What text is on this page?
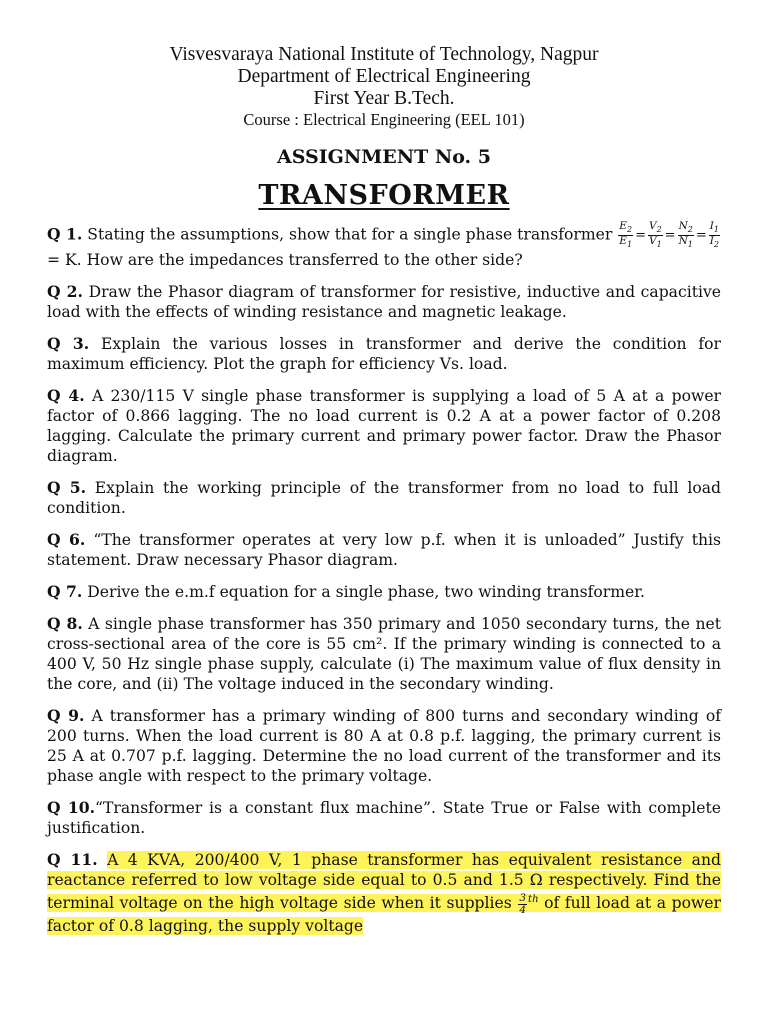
Visvesvaraya National Institute of Technology, Nagpur
Department of Electrical Engineering
First Year B.Tech.
Course : Electrical Engineering (EEL 101)
ASSIGNMENT No. 5
TRANSFORMER
Q 1. Stating the assumptions, show that for a single phase transformer $\frac{E_2}{E_1} = \frac{V_2}{V_1} = \frac{N_2}{N_1} = \frac{I_1}{I_2}$
= K. How are the impedances transferred to the other side?
Q 2. Draw the Phasor diagram of transformer for resistive, inductive and capacitive load with the effects of winding resistance and magnetic leakage.
Q 3. Explain the various losses in transformer and derive the condition for maximum efficiency. Plot the graph for efficiency Vs. load.
Q 4. A 230/115 V single phase transformer is supplying a load of 5 A at a power factor of 0.866 lagging. The no load current is 0.2 A at a power factor of 0.208 lagging. Calculate the primary current and primary power factor. Draw the Phasor diagram.
Q 5. Explain the working principle of the transformer from no load to full load condition.
Q 6. “The transformer operates at very low p.f. when it is unloaded” Justify this statement. Draw necessary Phasor diagram.
Q 7. Derive the e.m.f equation for a single phase, two winding transformer.
Q 8. A single phase transformer has 350 primary and 1050 secondary turns, the net cross-sectional area of the core is 55 cm². If the primary winding is connected to a 400 V, 50 Hz single phase supply, calculate (i) The maximum value of flux density in the core, and (ii) The voltage induced in the secondary winding.
Q 9. A transformer has a primary winding of 800 turns and secondary winding of 200 turns. When the load current is 80 A at 0.8 p.f. lagging, the primary current is 25 A at 0.707 p.f. lagging. Determine the no load current of the transformer and its phase angle with respect to the primary voltage.
Q 10.“Transformer is a constant flux machine”. State True or False with complete justification.
Q 11. A 4 KVA, 200/400 V, 1 phase transformer has equivalent resistance and reactance referred to low voltage side equal to 0.5 and 1.5 Ω respectively. Find the terminal voltage on the high voltage side when it supplies $\frac{3}{4} ^{th}$ of full load at a power factor of 0.8 lagging, the supply voltage
